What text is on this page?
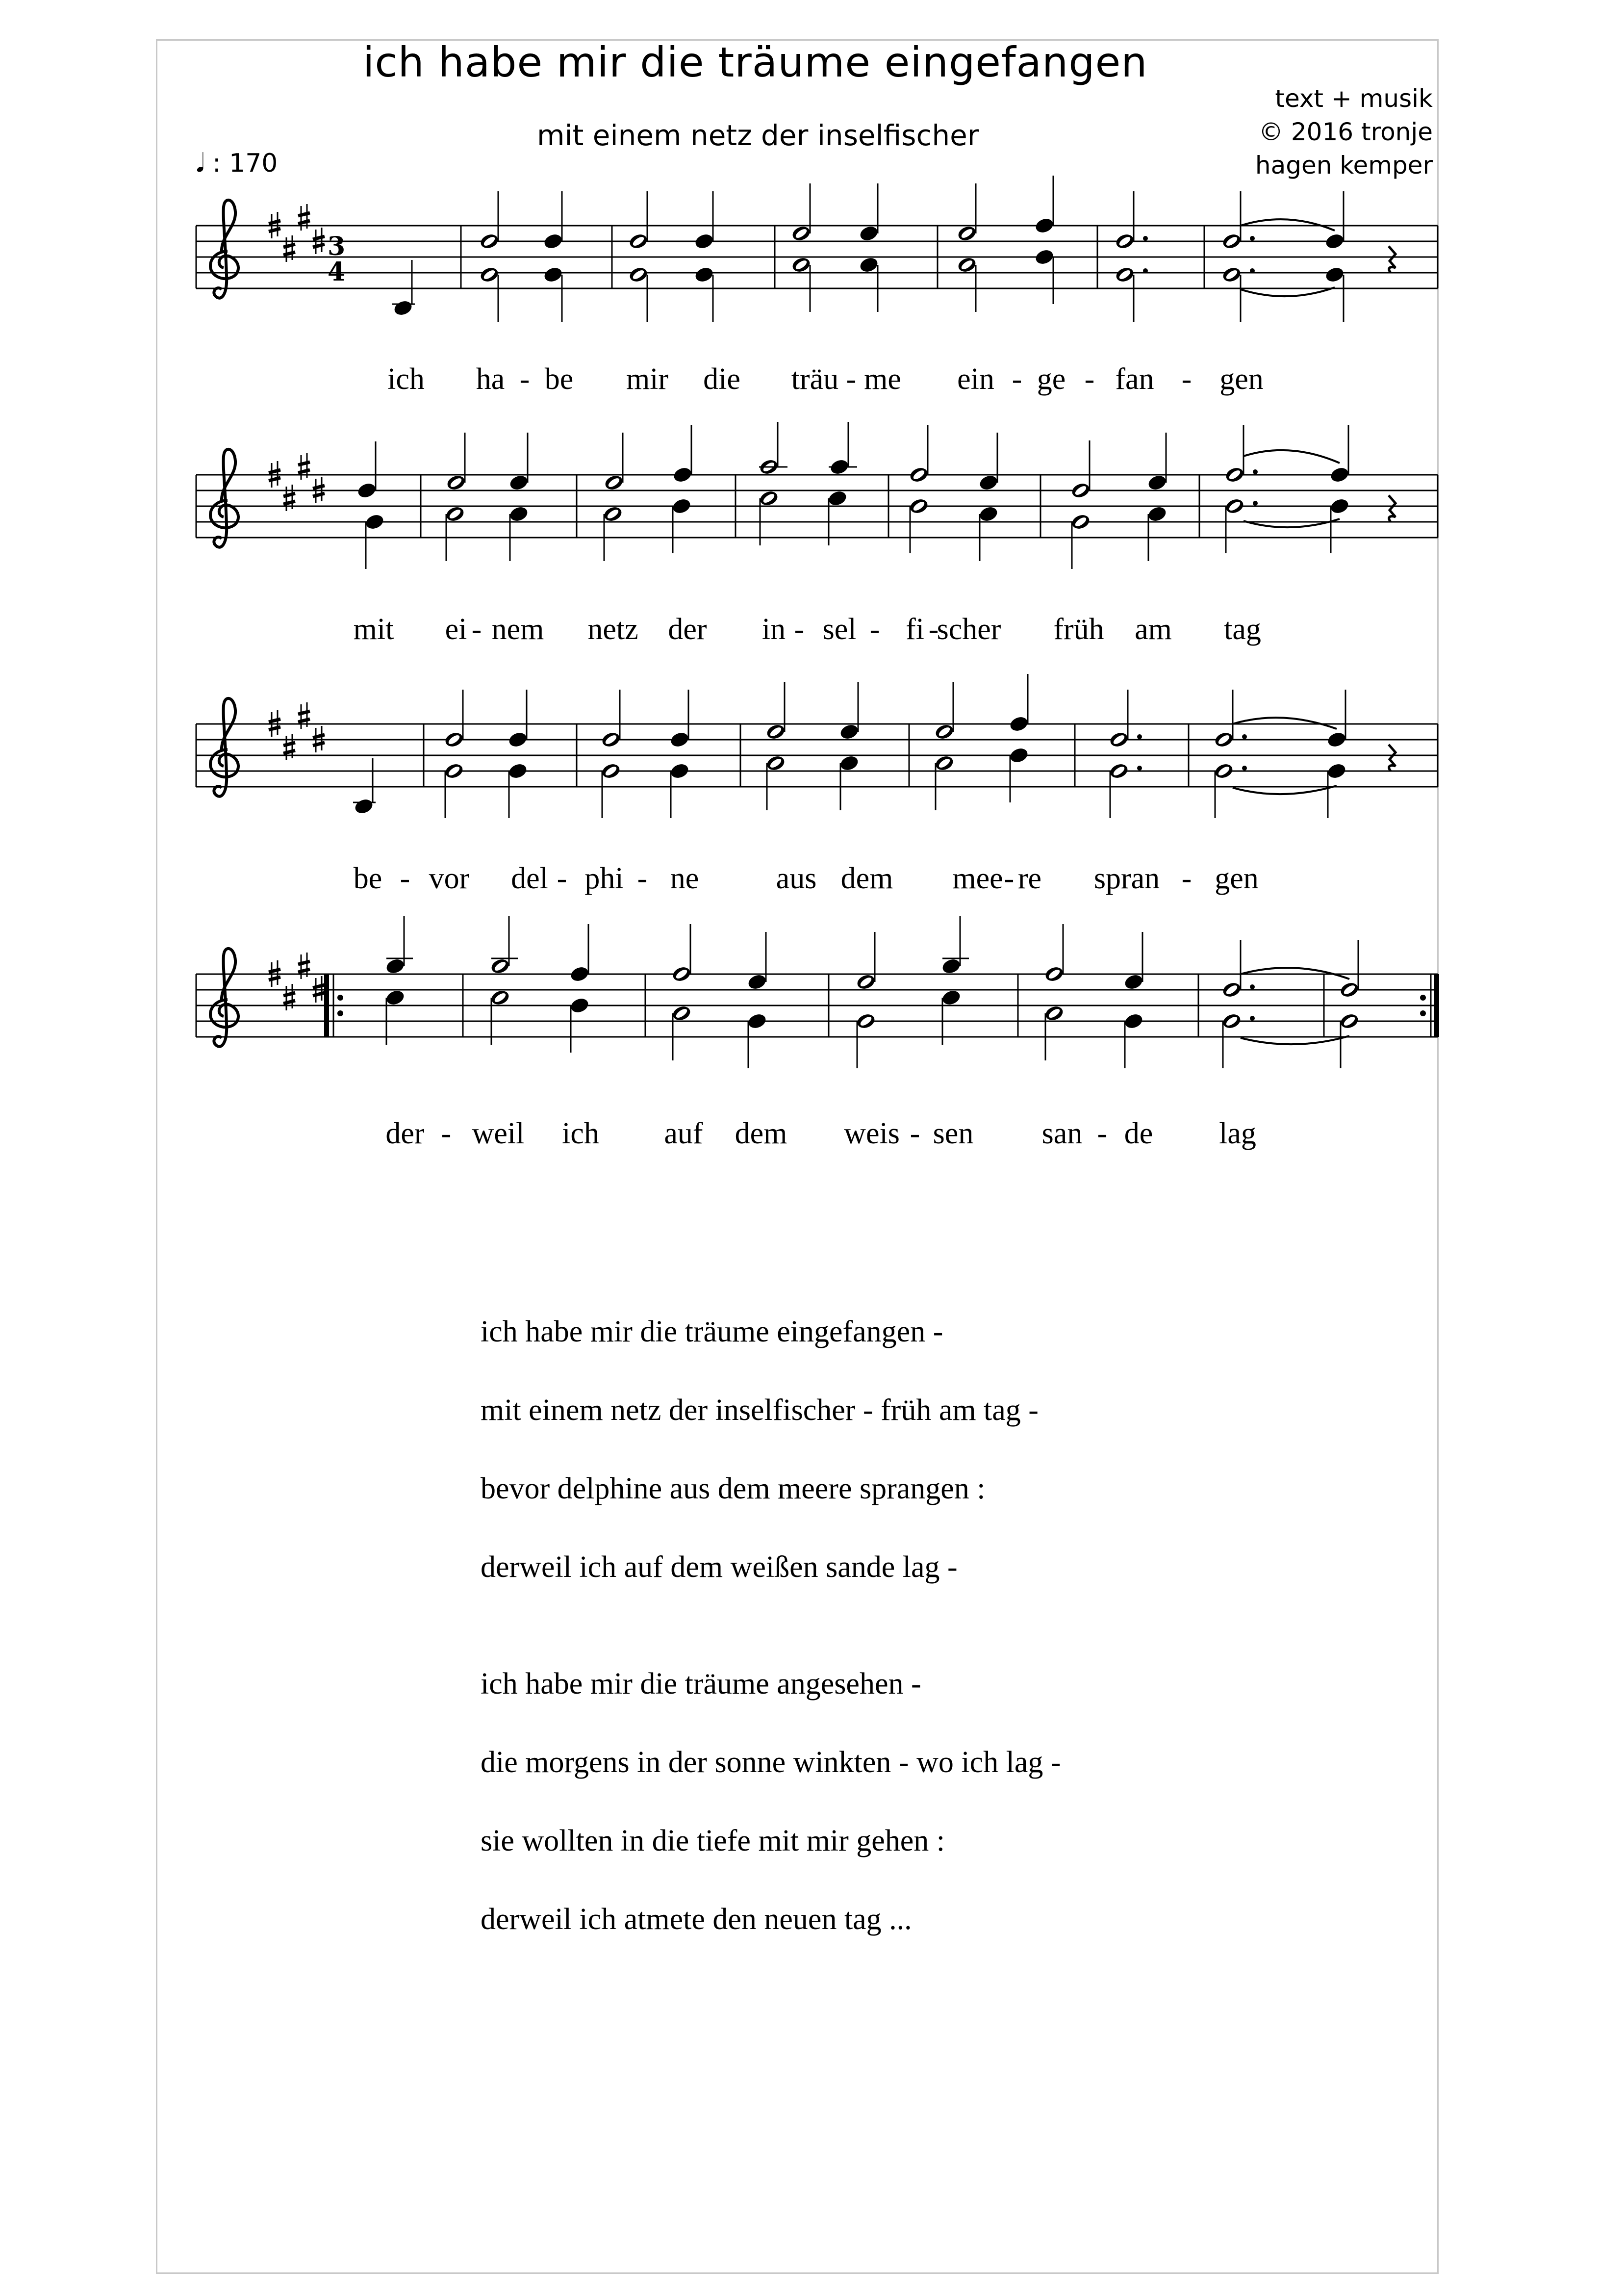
ich habe mir die träume eingefangen
mit einem netz der inselfischer
text + musik
© 2016 tronje
hagen kemper
𝅘𝅥 : 170
3
4
ich ha - be mir die träu - me ein - ge - fan - gen
mit ei - nem netz der in - sel - fi -
scher früh am tag
be - vor del - phi - ne	aus dem mee - re spran - gen
der - weil ich auf dem weis - sen san - de lag
ich habe mir die träume eingefangen -
mit einem netz der inselfischer - früh am tag -
bevor delphine aus dem meere sprangen :
derweil ich auf dem weißen sande lag -
ich habe mir die träume angesehen -
die morgens in der sonne winkten - wo ich lag -
sie wollten in die tiefe mit mir gehen :
derweil ich atmete den neuen tag ...
